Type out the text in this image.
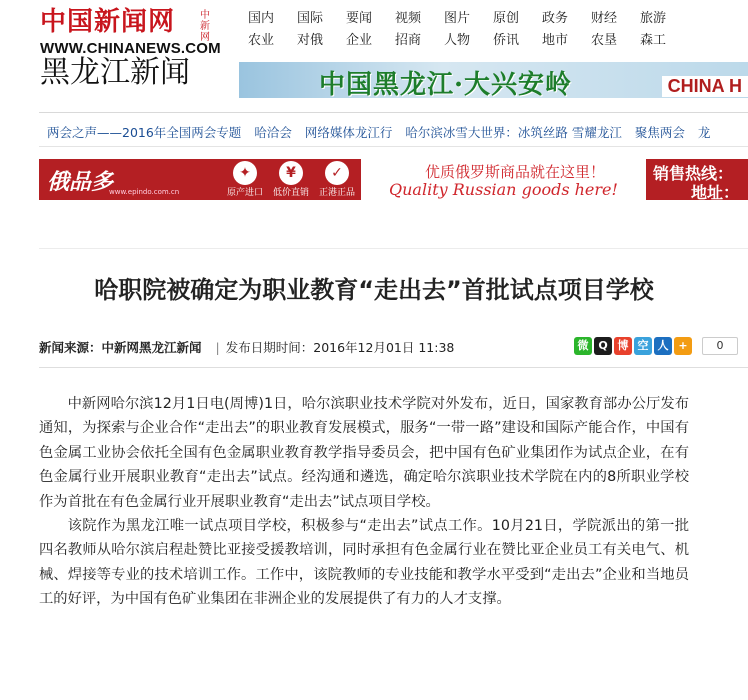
中国新闻网	中新网
WWW.CHINANEWS.COM
黑龙江新闻
国内	国际	要闻	视频	图片	原创	政务	财经	旅游
农业	对俄	企业	招商	人物	侨讯	地市	农垦	森工
中国黑龙江·大兴安岭	CHINA H
两会之声——2016年全国两会专题 哈洽会 网络媒体龙江行 哈尔滨冰雪大世界：冰筑丝路 雪耀龙江 聚焦两会 龙
俄品多
www.epindo.com.cn
✦
原产进口
¥
低价直销
✓
正港正品
优质俄罗斯商品就在这里！
Quality Russian goods here!
销售热线：
地址：
哈职院被确定为职业教育“走出去”首批试点项目学校
新闻来源：中新网黑龙江新闻 | 发布日期时间：2016年12月01日 11:38	微 Q 博 空 人 +	0

中新网哈尔滨12月1日电(周博)1日，哈尔滨职业技术学院对外发布，近日，国家教育部办公厅发布通知，为探索与企业合作“走出去”的职业教育发展模式，服务“一带一路”建设和国际产能合作，中国有色金属工业协会依托全国有色金属职业教育教学指导委员会，把中国有色矿业集团作为试点企业，在有色金属行业开展职业教育“走出去”试点。经沟通和遴选，确定哈尔滨职业技术学院在内的8所职业学校作为首批在有色金属行业开展职业教育“走出去”试点项目学校。

该院作为黑龙江唯一试点项目学校，积极参与“走出去”试点工作。10月21日，学院派出的第一批四名教师从哈尔滨启程赴赞比亚接受援教培训，同时承担有色金属行业在赞比亚企业员工有关电气、机械、焊接等专业的技术培训工作。工作中，该院教师的专业技能和教学水平受到“走出去”企业和当地员工的好评，为中国有色矿业集团在非洲企业的发展提供了有力的人才支撑。
